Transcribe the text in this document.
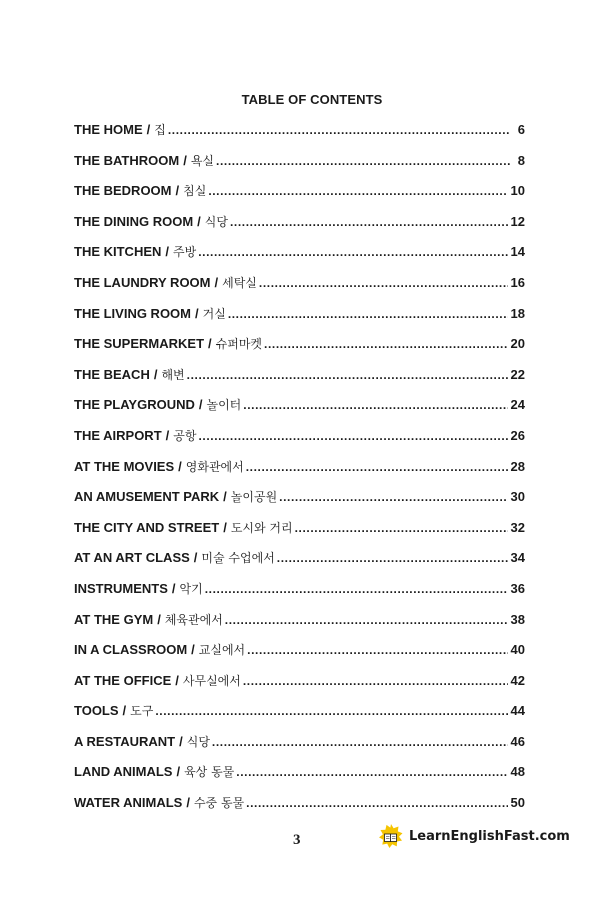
TABLE OF CONTENTS
THE HOME / 집 .....	6
THE BATHROOM / 욕실 .....	8
THE BEDROOM / 침실 .....	10
THE DINING ROOM / 식당 .....	12
THE KITCHEN / 주방 .....	14
THE LAUNDRY ROOM / 세탁실 .....	16
THE LIVING ROOM / 거실 .....	18
THE SUPERMARKET / 슈퍼마켓 .....	20
THE BEACH / 해변 .....	22
THE PLAYGROUND / 놀이터 .....	24
THE AIRPORT / 공항 .....	26
AT THE MOVIES / 영화관에서 .....	28
AN AMUSEMENT PARK / 놀이공원 .....	30
THE CITY AND STREET / 도시와 거리 .....	32
AT AN ART CLASS / 미술 수업에서 .....	34
INSTRUMENTS / 악기 .....	36
AT THE GYM / 체육관에서 .....	38
IN A CLASSROOM / 교실에서 .....	40
AT THE OFFICE / 사무실에서 .....	42
TOOLS / 도구 .....	44
A RESTAURANT / 식당 .....	46
LAND ANIMALS / 육상 동물 .....	48
WATER ANIMALS / 수중 동물 .....	50
3	LearnEnglishFast.com
